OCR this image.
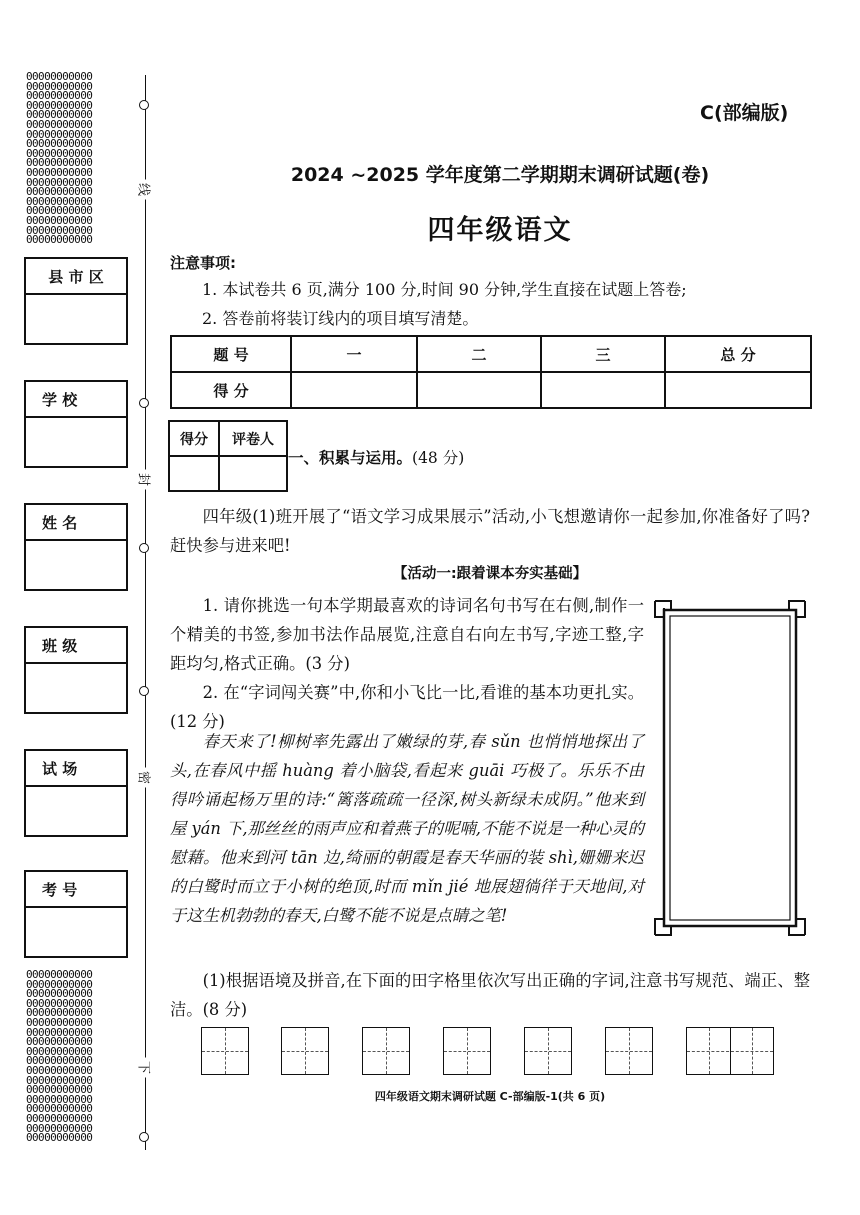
00000000000
00000000000
00000000000
00000000000
00000000000
00000000000
00000000000
00000000000
00000000000
00000000000
00000000000
00000000000
00000000000
00000000000
00000000000
00000000000
00000000000
00000000000
00000000000
00000000000
00000000000
00000000000
00000000000
00000000000
00000000000
00000000000
00000000000
00000000000
00000000000
00000000000
00000000000
00000000000
00000000000
00000000000
00000000000
00000000000
县 市 区
学 校
姓 名
班 级
试 场
考 号
线
封
密
下
C(部编版)
2024 ~2025 学年度第二学期期末调研试题(卷)
四年级语文
注意事项:
1. 本试卷共 6 页,满分 100 分,时间 90 分钟,学生直接在试题上答卷;
2. 答卷前将装订线内的项目填写清楚。
题 号	一	二	三	总 分
得 分				
得分	评卷人

一、积累与运用。(48 分)
四年级(1)班开展了“语文学习成果展示”活动,小飞想邀请你一起参加,你准备好了吗?赶快参与进来吧!
【活动一:跟着课本夯实基础】
1. 请你挑选一句本学期最喜欢的诗词名句书写在右侧,制作一个精美的书签,参加书法作品展览,注意自右向左书写,字迹工整,字距均匀,格式正确。(3 分)
2. 在“字词闯关赛”中,你和小飞比一比,看谁的基本功更扎实。(12 分)
春天来了!柳树率先露出了嫩绿的芽,春 sǔn 也悄悄地探出了头,在春风中摇 huàng 着小脑袋,看起来 guāi 巧极了。乐乐不由得吟诵起杨万里的诗:“篱落疏疏一径深,树头新绿未成阴。”他来到屋 yán 下,那丝丝的雨声应和着燕子的呢喃,不能不说是一种心灵的慰藉。他来到河 tān 边,绮丽的朝霞是春天华丽的装 shì,姗姗来迟的白鹭时而立于小树的绝顶,时而 mǐn jié 地展翅徜徉于天地间,对于这生机勃勃的春天,白鹭不能不说是点睛之笔!
(1)根据语境及拼音,在下面的田字格里依次写出正确的字词,注意书写规范、端正、整洁。(8 分)
四年级语文期末调研试题 C-部编版-1(共 6 页)
